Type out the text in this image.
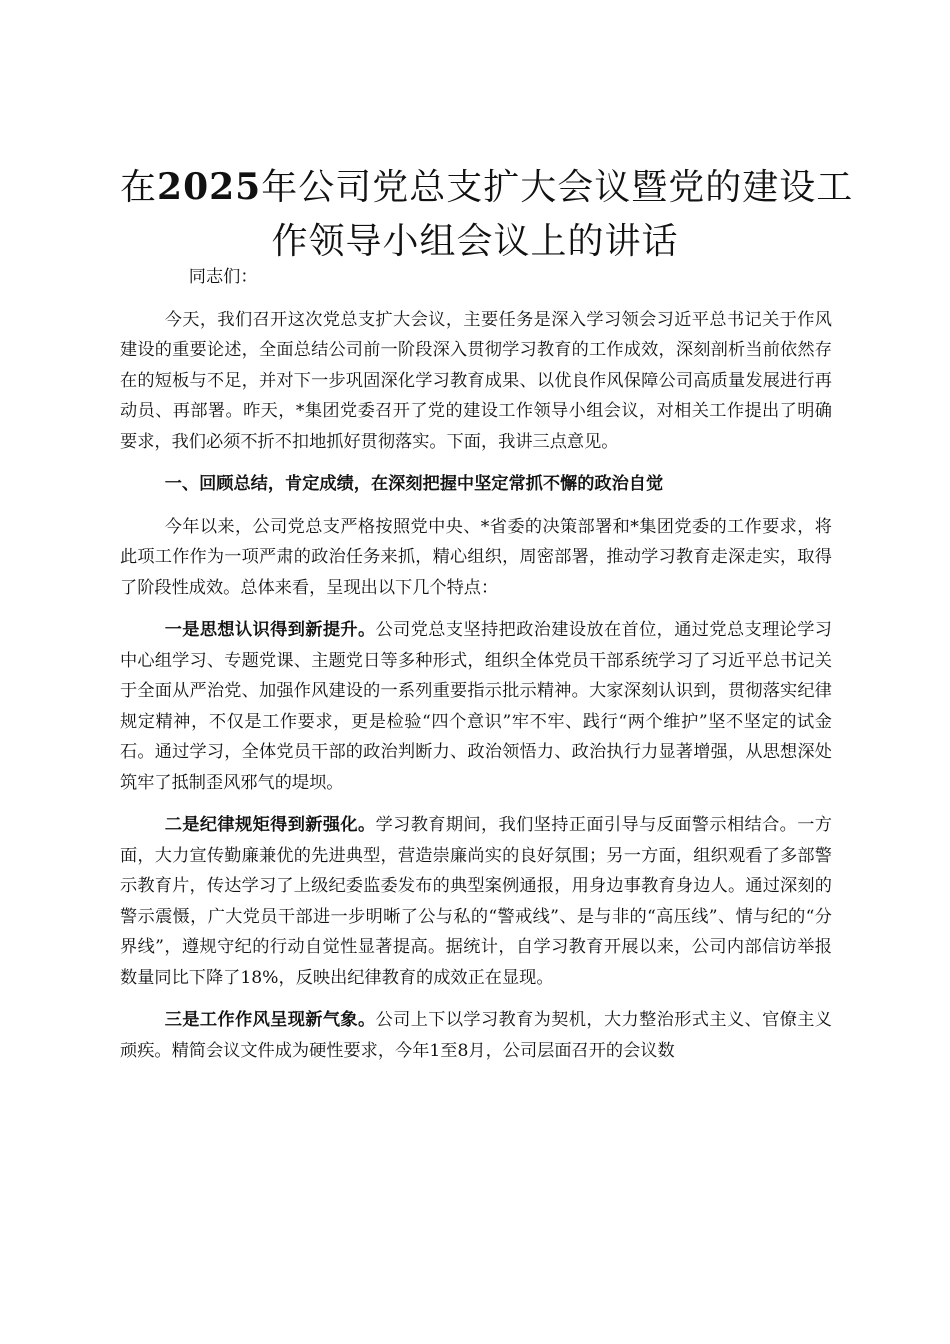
在2025年公司党总支扩大会议暨党的建设工
作领导小组会议上的讲话

同志们：

今天，我们召开这次党总支扩大会议，主要任务是深入学习领会习近平总书记关于作风建设的重要论述，全面总结公司前一阶段深入贯彻学习教育的工作成效，深刻剖析当前依然存在的短板与不足，并对下一步巩固深化学习教育成果、以优良作风保障公司高质量发展进行再动员、再部署。昨天，*集团党委召开了党的建设工作领导小组会议，对相关工作提出了明确要求，我们必须不折不扣地抓好贯彻落实。下面，我讲三点意见。

一、回顾总结，肯定成绩，在深刻把握中坚定常抓不懈的政治自觉

今年以来，公司党总支严格按照党中央、*省委的决策部署和*集团党委的工作要求，将此项工作作为一项严肃的政治任务来抓，精心组织，周密部署，推动学习教育走深走实，取得了阶段性成效。总体来看，呈现出以下几个特点：

一是思想认识得到新提升。公司党总支坚持把政治建设放在首位，通过党总支理论学习中心组学习、专题党课、主题党日等多种形式，组织全体党员干部系统学习了习近平总书记关于全面从严治党、加强作风建设的一系列重要指示批示精神。大家深刻认识到，贯彻落实纪律规定精神，不仅是工作要求，更是检验“四个意识”牢不牢、践行“两个维护”坚不坚定的试金石。通过学习，全体党员干部的政治判断力、政治领悟力、政治执行力显著增强，从思想深处筑牢了抵制歪风邪气的堤坝。

二是纪律规矩得到新强化。学习教育期间，我们坚持正面引导与反面警示相结合。一方面，大力宣传勤廉兼优的先进典型，营造崇廉尚实的良好氛围；另一方面，组织观看了多部警示教育片，传达学习了上级纪委监委发布的典型案例通报，用身边事教育身边人。通过深刻的警示震慑，广大党员干部进一步明晰了公与私的“警戒线”、是与非的“高压线”、情与纪的“分界线”，遵规守纪的行动自觉性显著提高。据统计，自学习教育开展以来，公司内部信访举报数量同比下降了18%，反映出纪律教育的成效正在显现。

三是工作作风呈现新气象。公司上下以学习教育为契机，大力整治形式主义、官僚主义顽疾。精简会议文件成为硬性要求，今年1至8月，公司层面召开的会议数
